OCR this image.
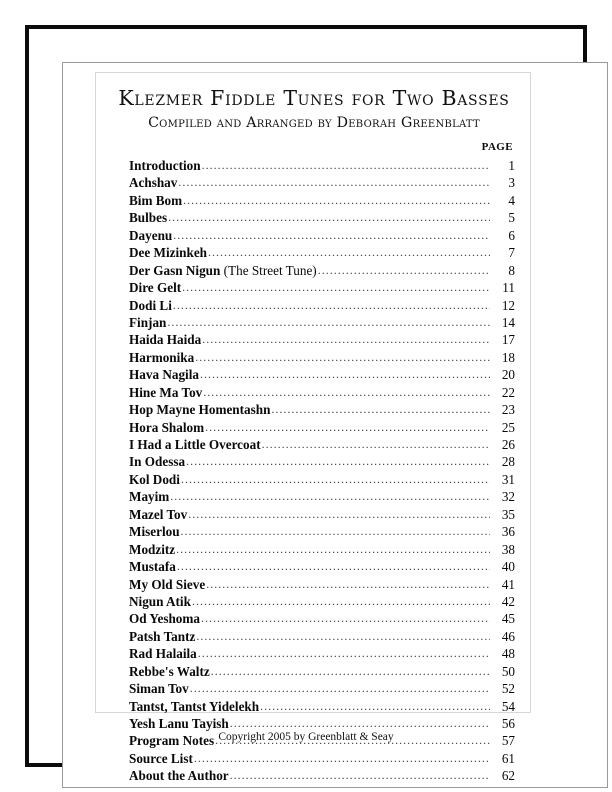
Klezmer Fiddle Tunes for Two Basses
Compiled and Arranged by Deborah Greenblatt
PAGE
Introduction .....	1
Achshav .....	3
Bim Bom .....	4
Bulbes .....	5
Dayenu .....	6
Dee Mizinkeh .....	7
Der Gasn Nigun (The Street Tune) .....	8
Dire Gelt .....	11
Dodi Li .....	12
Finjan .....	14
Haida Haida .....	17
Harmonika .....	18
Hava Nagila .....	20
Hine Ma Tov .....	22
Hop Mayne Homentashn .....	23
Hora Shalom .....	25
I Had a Little Overcoat .....	26
In Odessa .....	28
Kol Dodi .....	31
Mayim .....	32
Mazel Tov .....	35
Miserlou .....	36
Modzitz .....	38
Mustafa .....	40
My Old Sieve .....	41
Nigun Atik .....	42
Od Yeshoma .....	45
Patsh Tantz .....	46
Rad Halaila .....	48
Rebbe's Waltz .....	50
Siman Tov .....	52
Tantst, Tantst Yidelekh .....	54
Yesh Lanu Tayish .....	56
Program Notes .....	57
Source List .....	61
About the Author .....	62
Copyright 2005 by Greenblatt & Seay
